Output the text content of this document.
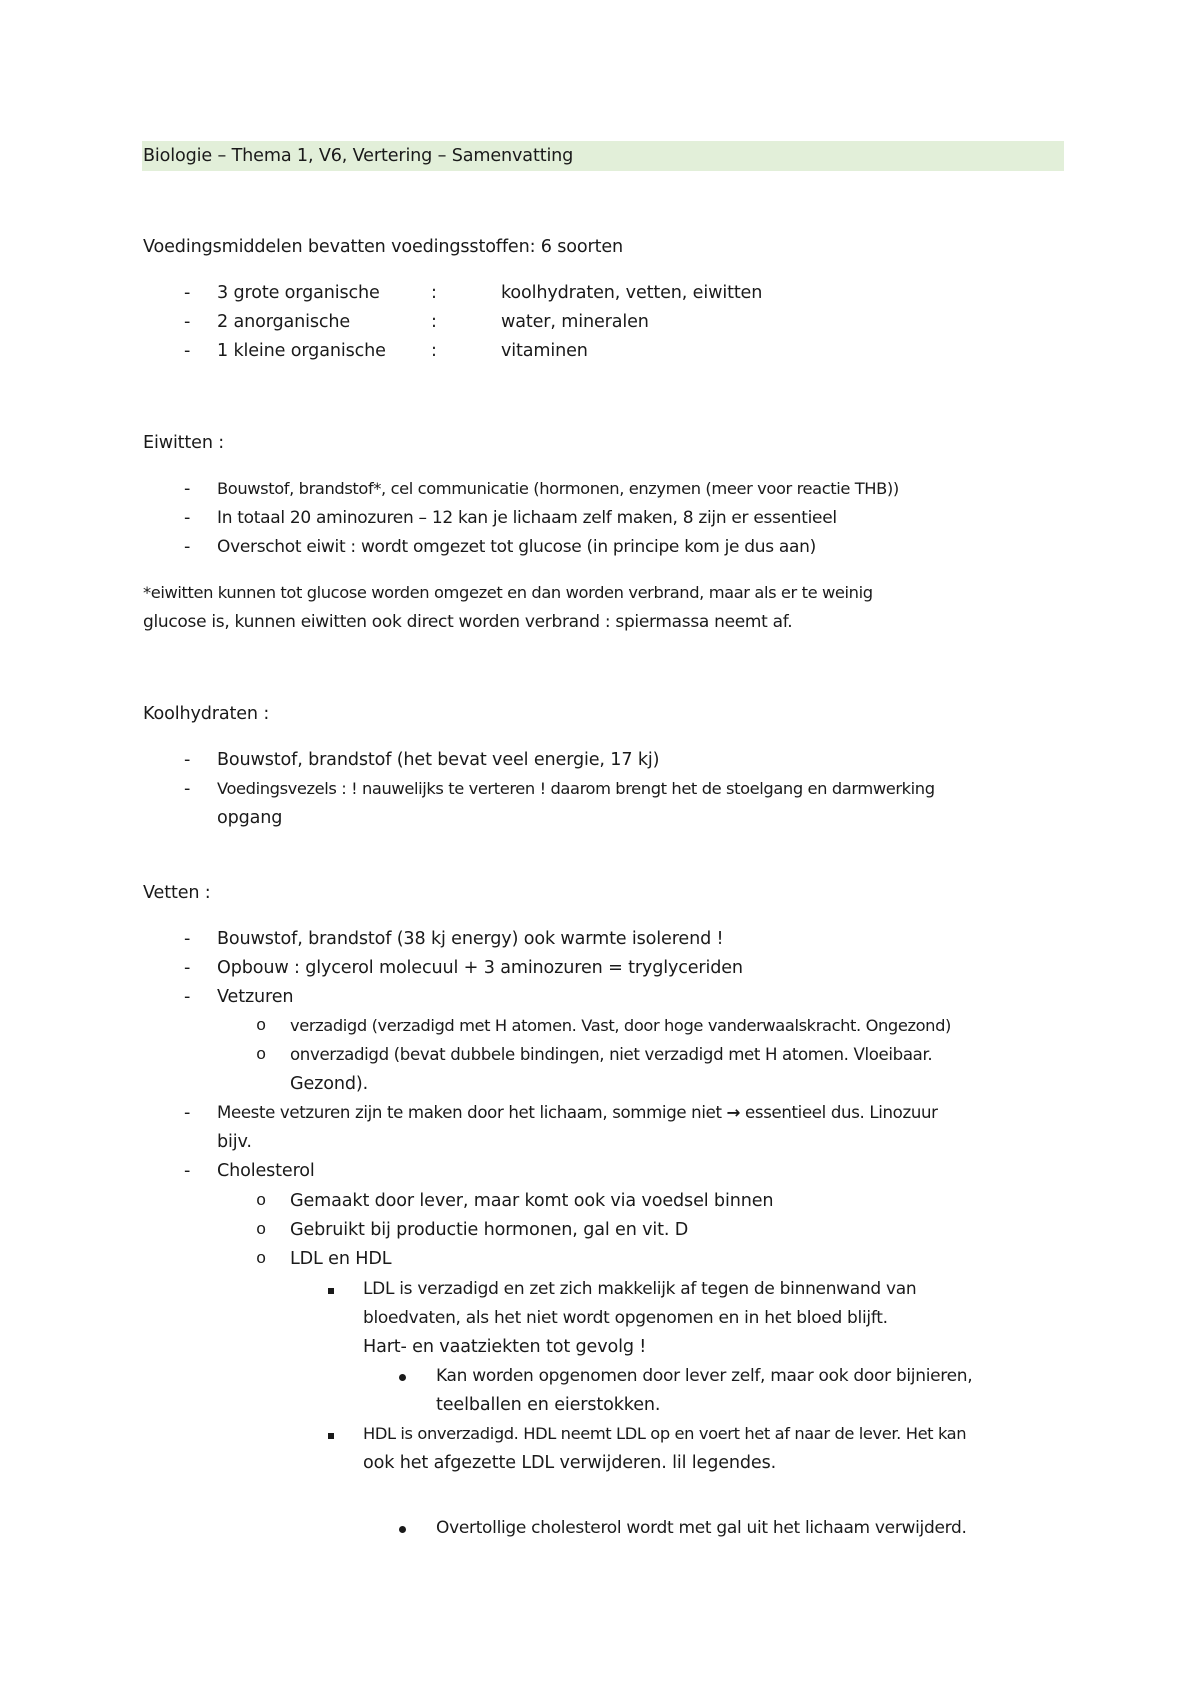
Biologie – Thema 1, V6, Vertering – Samenvatting
Voedingsmiddelen bevatten voedingsstoffen: 6 soorten
- 3 grote organische	:	koolhydraten, vetten, eiwitten
- 2 anorganische	:	water, mineralen
- 1 kleine organische	:	vitaminen
Eiwitten :
- Bouwstof, brandstof*, cel communicatie (hormonen, enzymen (meer voor reactie THB))
- In totaal 20 aminozuren – 12 kan je lichaam zelf maken, 8 zijn er essentieel
- Overschot eiwit : wordt omgezet tot glucose (in principe kom je dus aan)
*eiwitten kunnen tot glucose worden omgezet en dan worden verbrand, maar als er te weinig
glucose is, kunnen eiwitten ook direct worden verbrand : spiermassa neemt af.
Koolhydraten :
- Bouwstof, brandstof (het bevat veel energie, 17 kj)
- Voedingsvezels : ! nauwelijks te verteren ! daarom brengt het de stoelgang en darmwerking
opgang
Vetten :
- Bouwstof, brandstof (38 kj energy) ook warmte isolerend !
- Opbouw : glycerol molecuul + 3 aminozuren = tryglyceriden
- Vetzuren
o verzadigd (verzadigd met H atomen. Vast, door hoge vanderwaalskracht. Ongezond)
o onverzadigd (bevat dubbele bindingen, niet verzadigd met H atomen. Vloeibaar.
Gezond).
- Meeste vetzuren zijn te maken door het lichaam, sommige niet → essentieel dus. Linozuur
bijv.
- Cholesterol
o Gemaakt door lever, maar komt ook via voedsel binnen
o Gebruikt bij productie hormonen, gal en vit. D
o LDL en HDL
LDL is verzadigd en zet zich makkelijk af tegen de binnenwand van
bloedvaten, als het niet wordt opgenomen en in het bloed blijft.
Hart- en vaatziekten tot gevolg !
Kan worden opgenomen door lever zelf, maar ook door bijnieren,
teelballen en eierstokken.
HDL is onverzadigd. HDL neemt LDL op en voert het af naar de lever. Het kan
ook het afgezette LDL verwijderen. lil legendes.
Overtollige cholesterol wordt met gal uit het lichaam verwijderd.
